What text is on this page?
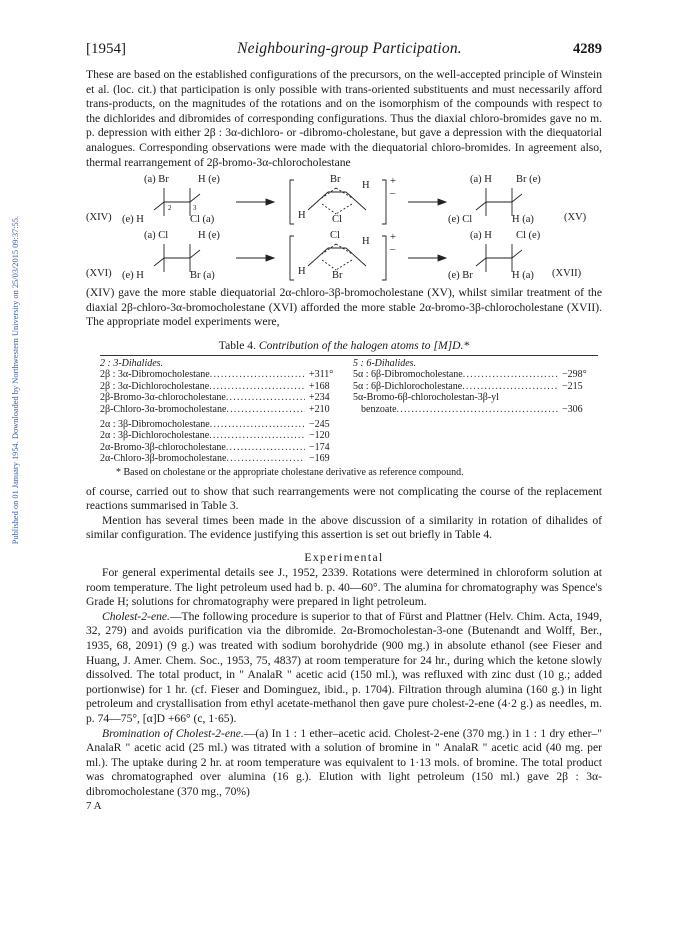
Published on 01 January 1954. Downloaded by Northwestern University on 25/03/2015 09:37:55.
[1954]	Neighbouring-group Participation.	4289

These are based on the established configurations of the precursors, on the well-accepted principle of Winstein et al. (loc. cit.) that participation is only possible with trans-oriented substituents and must necessarily afford trans-products, on the magnitudes of the rotations and on the isomorphism of the compounds with respect to the dichlorides and dibromides of corresponding configurations. Thus the diaxial chloro-bromides gave no m. p. depression with either 2β : 3α-dichloro- or -dibromo-cholestane, but gave a depression with the diequatorial analogues. Corresponding observations were made with the diequatorial chloro-bromides. In agreement also, thermal rearrangement of 2β-bromo-3α-chlorocholestane

(XIV)
(a) Br	H (e)
(e) H	Cl (a)
2	3
Br
H
H	Cl
+
–
(a) H Br (e)
(e) Cl	H (a)	(XV)
(XVI)
(a) Cl	H (e)
(e) H	Br (a)
Cl
H
H	Br
+
–
(a) H Cl (e)
(e) Br	H (a) (XVII)

(XIV) gave the more stable diequatorial 2α-chloro-3β-bromocholestane (XV), whilst similar treatment of the diaxial 2β-chloro-3α-bromocholestane (XVI) afforded the more stable 2α-bromo-3β-chlorocholestane (XVII). The appropriate model experiments were,

Table 4. Contribution of the halogen atoms to [M]D.*
2 : 3-Dihalides.
2β : 3α-Dibromocholestane .....	+311°
2β : 3α-Dichlorocholestane .....	+168
2β-Bromo-3α-chlorocholestane .....	+234
2β-Chloro-3α-bromocholestane .....	+210
2α : 3β-Dibromocholestane .....	−245
2α : 3β-Dichlorocholestane .....	−120
2α-Bromo-3β-chlorocholestane .....	−174
2α-Chloro-3β-bromocholestane .....	−169
5 : 6-Dihalides.
5α : 6β-Dibromocholestane .....	−298°
5α : 6β-Dichlorocholestane .....	−215
5α-Bromo-6β-chlorocholestan-3β-yl
benzoate .....	−306
* Based on cholestane or the appropriate cholestane derivative as reference compound.

of course, carried out to show that such rearrangements were not complicating the course of the replacement reactions summarised in Table 3.

Mention has several times been made in the above discussion of a similarity in rotation of dihalides of similar configuration. The evidence justifying this assertion is set out briefly in Table 4.

Experimental

For general experimental details see J., 1952, 2339. Rotations were determined in chloroform solution at room temperature. The light petroleum used had b. p. 40—60°. The alumina for chromatography was Spence's Grade H; solutions for chromatography were prepared in light petroleum.

Cholest-2-ene.—The following procedure is superior to that of Fürst and Plattner (Helv. Chim. Acta, 1949, 32, 279) and avoids purification via the dibromide. 2α-Bromocholestan-3-one (Butenandt and Wolff, Ber., 1935, 68, 2091) (9 g.) was treated with sodium borohydride (900 mg.) in absolute ethanol (see Fieser and Huang, J. Amer. Chem. Soc., 1953, 75, 4837) at room temperature for 24 hr., during which the ketone slowly dissolved. The total product, in " AnalaR " acetic acid (150 ml.), was refluxed with zinc dust (10 g.; added portionwise) for 1 hr. (cf. Fieser and Dominguez, ibid., p. 1704). Filtration through alumina (160 g.) in light petroleum and crystallisation from ethyl acetate-methanol then gave pure cholest-2-ene (4·2 g.) as needles, m. p. 74—75°, [α]D +66° (c, 1·65).

Bromination of Cholest-2-ene.—(a) In 1 : 1 ether–acetic acid. Cholest-2-ene (370 mg.) in 1 : 1 dry ether–" AnalaR " acetic acid (25 ml.) was titrated with a solution of bromine in " AnalaR " acetic acid (40 mg. per ml.). The uptake during 2 hr. at room temperature was equivalent to 1·13 mols. of bromine. The total product was chromatographed over alumina (16 g.). Elution with light petroleum (150 ml.) gave 2β : 3α-dibromocholestane (370 mg., 70%)

7 A
